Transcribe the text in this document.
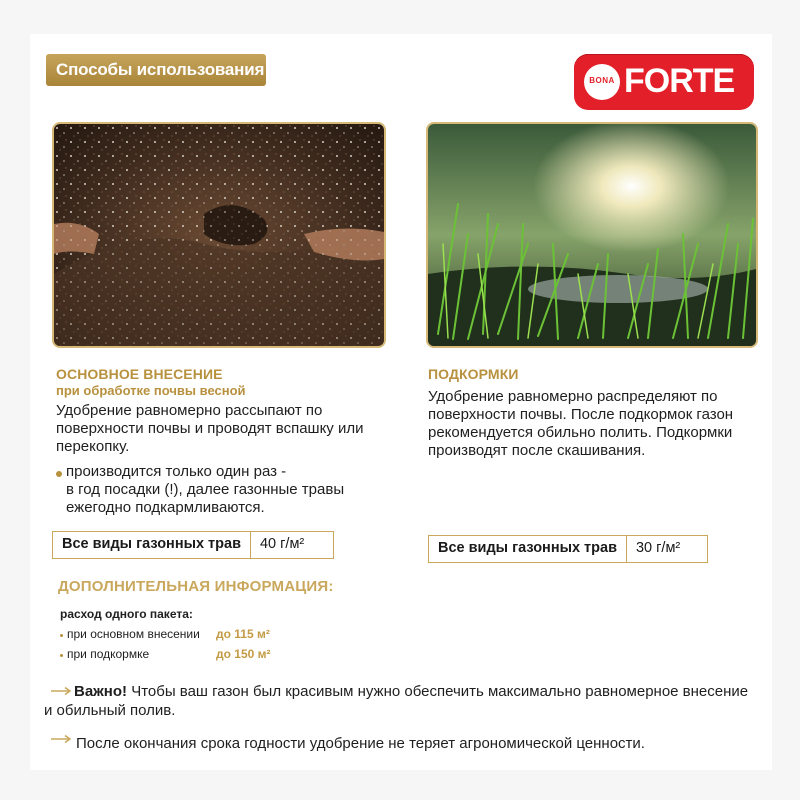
Способы использования
BONA FORTE
ОСНОВНОЕ ВНЕСЕНИЕ
при обработке почвы весной
Удобрение равномерно рассыпают по
поверхности почвы и проводят вспашку или
перекопку.
производится только один раз -
в год посадки (!), далее газонные травы
ежегодно подкармливаются.
Все виды газонных трав	40 г/м²
ПОДКОРМКИ
Удобрение равномерно распределяют по
поверхности почвы. После подкормок газон
рекомендуется обильно полить. Подкормки
производят после скашивания.
Все виды газонных трав	30 г/м²
ДОПОЛНИТЕЛЬНАЯ ИНФОРМАЦИЯ:
расход одного пакета:
при основном внесении до 115 м²
при подкормке	до 150 м²
Важно! Чтобы ваш газон был красивым нужно обеспечить максимально равномерное внесение
и обильный полив.
После окончания срока годности удобрение не теряет агрономической ценности.
